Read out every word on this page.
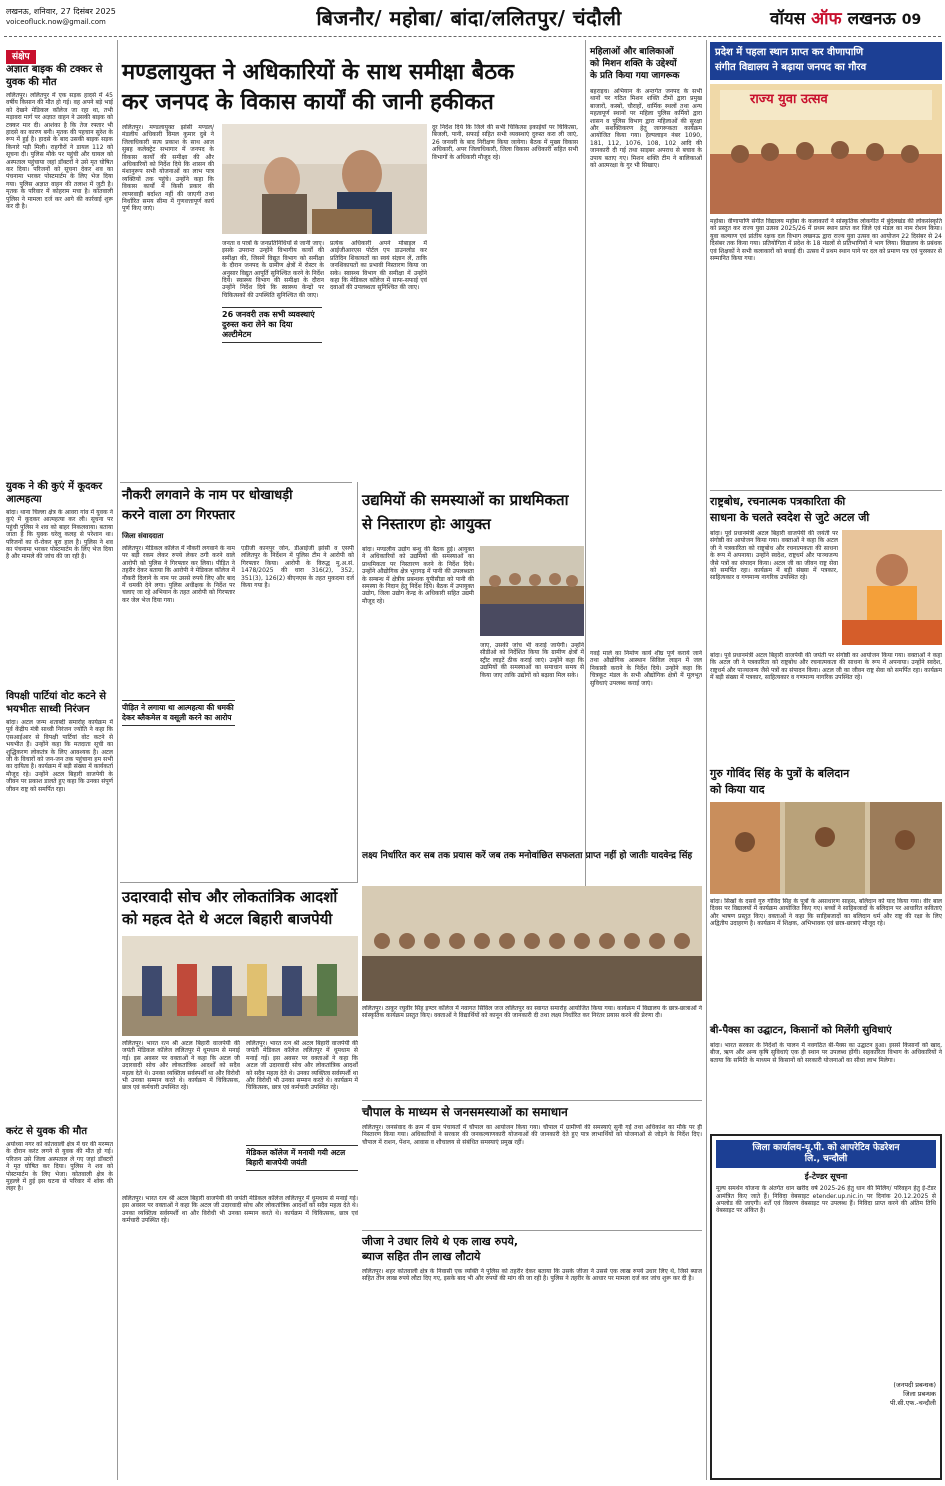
लखनऊ, शनिवार, 27 दिसंबर 2025
voiceofluck.now@gmail.com	बिजनौर/ महोबा/ बांदा/ललितपुर/ चंदौली	वॉयस ऑफ लखनऊ 09
संक्षेप
अज्ञात बाइक की टक्कर से युवक की मौत
ललितपुर। ललितपुर में एक सड़क हादसे में 45 वर्षीय किसान की मौत हो गई। वह अपने बड़े भाई को देखने मेडिकल कॉलेज जा रहा था, तभी मड़ावरा मार्ग पर अज्ञात वाहन ने उसकी बाइक को टक्कर मार दी। आशंका है कि तेज रफ्तार भी हादसे का कारण बनी। मृतक की पहचान सुरेश के रूप में हुई है। हादसे के बाद उसकी बाइक सड़क किनारे पड़ी मिली। राहगीरों ने डायल 112 को सूचना दी। पुलिस मौके पर पहुंची और घायल को अस्पताल पहुंचाया जहां डॉक्टरों ने उसे मृत घोषित कर दिया। परिजनों को सूचना देकर शव का पंचनामा भरकर पोस्टमार्टम के लिए भेज दिया गया। पुलिस अज्ञात वाहन की तलाश में जुटी है। मृतक के परिवार में कोहराम मचा है। कोतवाली पुलिस ने मामला दर्ज कर आगे की कार्रवाई शुरू कर दी है।
युवक ने की कुएं में कूदकर आत्महत्या
बांदा। थाना चिल्ला क्षेत्र के आवरा गांव में युवक ने कुएं में कूदकर आत्महत्या कर ली। सूचना पर पहुंची पुलिस ने शव को बाहर निकलवाया। बताया जाता है कि युवक घरेलू कलह से परेशान था। परिजनों का रो-रोकर बुरा हाल है। पुलिस ने शव का पंचनामा भरकर पोस्टमार्टम के लिए भेज दिया है और मामले की जांच की जा रही है।
विपक्षी पार्टियां वोट कटने से भयभीतः साध्वी निरंजन
बांदा। अटल जन्म शताब्दी समारोह कार्यक्रम में पूर्व केंद्रीय मंत्री साध्वी निरंजन ज्योति ने कहा कि एसआईआर से विपक्षी पार्टियां वोट कटने से भयभीत हैं। उन्होंने कहा कि मतदाता सूची का शुद्धिकरण लोकतंत्र के लिए आवश्यक है। अटल जी के विचारों को जन-जन तक पहुंचाना हम सभी का दायित्व है। कार्यक्रम में बड़ी संख्या में कार्यकर्ता मौजूद रहे। उन्होंने अटल बिहारी वाजपेयी के जीवन पर प्रकाश डालते हुए कहा कि उनका संपूर्ण जीवन राष्ट्र को समर्पित रहा।
करंट से युवक की मौत
अयोध्या नगर को कोतवाली क्षेत्र में घर की मरम्मत के दौरान करंट लगने से युवक की मौत हो गई। परिजन उसे जिला अस्पताल ले गए जहां डॉक्टरों ने मृत घोषित कर दिया। पुलिस ने शव को पोस्टमार्टम के लिए भेजा। कोतवाली क्षेत्र के मुहल्ले में हुई इस घटना से परिवार में शोक की लहर है।
मण्डलायुक्त ने अधिकारियों के साथ समीक्षा बैठक
कर जनपद के विकास कार्यों की जानी हकीकत
ललितपुर। मण्डलायुक्त झांसी मण्डल/मंडलीय अधिकारी विमल कुमार दुबे ने जिलाधिकारी सत्य प्रकाश के साथ आज सुबह कलेक्ट्रेट सभागार में जनपद के विकास कार्यों की समीक्षा की और अधिकारियों को निर्देश दिये कि शासन की मंशानुरूप सभी योजनाओं का लाभ पात्र व्यक्तियों तक पहुंचे। उन्होंने कहा कि विकास कार्यों में किसी प्रकार की लापरवाही बर्दाश्त नहीं की जाएगी तथा निर्धारित समय सीमा में गुणवत्तापूर्ण कार्य पूर्ण किए जाएं।
जनता व पात्रों के जनप्रतिनिधियों से जानी जाए। इसके उपरान्त उन्होंने विभागीय कार्यों की समीक्षा की, जिसमें विद्युत विभाग को समीक्षा के दौरान जनपद के ग्रामीण क्षेत्रों में रोस्टर के अनुसार विद्युत आपूर्ति सुनिश्चित करने के निर्देश दिये। स्वास्थ्य विभाग की समीक्षा के दौरान उन्होंने निर्देश दिये कि स्वास्थ्य केन्द्रों पर चिकित्सकों की उपस्थिति सुनिश्चित की जाए।
26 जनवरी तक सभी व्यवस्थाएं दुरुस्त करा लेने का दिया अल्टीमेटम
प्रत्येक अधिकारी अपने मोबाइल में आईजीआरएस पोर्टल एप डाउनलोड कर प्रतिदिन शिकायतों का स्वयं संज्ञान लें, ताकि जनशिकायतों का प्रभावी निस्तारण किया जा सके। स्वास्थ्य विभाग की समीक्षा में उन्होंने कहा कि मेडिकल कॉलेज में साफ-सफाई एवं दवाओं की उपलब्धता सुनिश्चित की जाए।
दूर निर्देश दिये कि जिले की सभी चिकित्सा इकाईयों पर चिकित्सा, बिजली, पानी, सफाई सहित सभी व्यवस्थाएं दुरुस्त करा ली जाएं, 26 जनवरी के बाद निरीक्षण किया जायेगा। बैठक में मुख्य विकास अधिकारी, अपर जिलाधिकारी, जिला विकास अधिकारी सहित सभी विभागों के अधिकारी मौजूद रहे।
नौकरी लगवाने के नाम पर धोखाधड़ी
करने वाला ठग गिरफ्तार
जिला संवाददाता
ललितपुर। मेडिकल कॉलेज में नौकरी लगवाने के नाम पर बड़ी रकम लेकर रुपये लेकर ठगी करने वाले आरोपी को पुलिस ने गिरफ्तार कर लिया। पीड़ित ने तहरीर देकर बताया कि आरोपी ने मेडिकल कॉलेज में नौकरी दिलाने के नाम पर उससे रुपये लिए और बाद में धमकी देने लगा। पुलिस अधीक्षक के निर्देश पर चलाए जा रहे अभियान के तहत आरोपी को गिरफ्तार कर जेल भेज दिया गया।
पीड़ित ने लगाया था आत्महत्या की धमकी देकर ब्लैकमेल व वसूली करने का आरोप
एडीजी कानपुर जोन, डीआईजी झांसी व एसपी ललितपुर के निर्देशन में पुलिस टीम ने आरोपी को गिरफ्तार किया। आरोपी के विरुद्ध मु.अ.सं. 1478/2025 की धारा 316(2), 352, 351(3), 126(2) बीएनएस के तहत मुकदमा दर्ज किया गया है।
उद्यमियों की समस्याओं का प्राथमिकता
से निस्तारण होः आयुक्त
बांदा। मण्डलीय उद्योग बन्धु की बैठक हुई। आयुक्त ने अधिकारियों को उद्यमियों की समस्याओं का प्राथमिकता पर निस्तारण करने के निर्देश दिये। उन्होंने औद्योगिक क्षेत्र भूरागढ़ में पानी की उपलब्धता के सम्बन्ध में क्षेत्रीय प्रबन्धक यूपीसीडा को पानी की समस्या के निदान हेतु निर्देश दिये। बैठक में उपायुक्त उद्योग, जिला उद्योग केन्द्र के अधिकारी सहित उद्यमी मौजूद रहे।
जाए, उसकी जांच भी कराई जायेगी। उन्होंने सीडीओ को निर्देशित किया कि ग्रामीण क्षेत्रों में स्ट्रीट लाइटें ठीक कराई जाएं। उन्होंने कहा कि उद्यमियों की समस्याओं का समाधान समय से किया जाए ताकि उद्योगों को बढ़ावा मिल सके।
गवई माले का निर्माण कार्य शीघ्र पूर्ण कराये जाने तथा औद्योगिक आस्थान सिविल लाइन में जल निकासी कराने के निर्देश दिये। उन्होंने कहा कि चित्रकूट मंडल के सभी औद्योगिक क्षेत्रों में मूलभूत सुविधाएं उपलब्ध कराई जाएं।
महिलाओं और बालिकाओं
को मिशन शक्ति के उद्देश्यों
के प्रति किया गया जागरूक
बहराइच। अभियान के अन्तर्गत जनपद के सभी थानों पर गठित मिशन शक्ति टीमों द्वारा प्रमुख बाजारों, कस्बों, चौराहों, धार्मिक स्थलों तथा अन्य महत्वपूर्ण स्थानों पर महिला पुलिस कर्मियों द्वारा शासन व पुलिस विभाग द्वारा महिलाओं की सुरक्षा और सशक्तिकरण हेतु जागरूकता कार्यक्रम आयोजित किया गया। हेल्पलाइन नंबर 1090, 181, 112, 1076, 108, 102 आदि की जानकारी दी गई तथा साइबर अपराध से बचाव के उपाय बताए गए। मिशन शक्ति टीम ने बालिकाओं को आत्मरक्षा के गुर भी सिखाए।
प्रदेश में पहला स्थान प्राप्त कर वीणापाणि
संगीत विद्यालय ने बढ़ाया जनपद का गौरव
राज्य युवा उत्सव
महोबा। वीणापाणि संगीत विद्यालय महोबा के कलाकारों ने सांस्कृतिक लोकगीत में बुंदेलखंड की लोकसंस्कृति को प्रस्तुत कर राज्य युवा उत्सव 2025/26 में प्रथम स्थान प्राप्त कर जिले एवं मंडल का नाम रोशन किया। युवा कल्याण एवं प्रांतीय रक्षक दल विभाग लखनऊ द्वारा राज्य युवा उत्सव का आयोजन 22 दिसंबर से 24 दिसंबर तक किया गया। प्रतियोगिता में प्रदेश के 18 मंडलों से प्रतिभागियों ने भाग लिया। विद्यालय के प्रबंधक एवं शिक्षकों ने सभी कलाकारों को बधाई दी। उत्सव में प्रथम स्थान पाने पर दल को प्रमाण पत्र एवं पुरस्कार से सम्मानित किया गया।
राष्ट्रबोध, रचनात्मक पत्रकारिता की
साधना के चलते स्वदेश से जुटे अटल जी
बांदा। पूर्व प्रधानमंत्री अटल बिहारी वाजपेयी की जयंती पर संगोष्ठी का आयोजन किया गया। वक्ताओं ने कहा कि अटल जी ने पत्रकारिता को राष्ट्रबोध और रचनात्मकता की साधना के रूप में अपनाया। उन्होंने स्वदेश, राष्ट्रधर्म और पाञ्चजन्य जैसे पत्रों का संपादन किया। अटल जी का जीवन राष्ट्र सेवा को समर्पित रहा। कार्यक्रम में बड़ी संख्या में पत्रकार, साहित्यकार व गणमान्य नागरिक उपस्थित रहे।
बांदा। पूर्व प्रधानमंत्री अटल बिहारी वाजपेयी की जयंती पर संगोष्ठी का आयोजन किया गया। वक्ताओं ने कहा कि अटल जी ने पत्रकारिता को राष्ट्रबोध और रचनात्मकता की साधना के रूप में अपनाया। उन्होंने स्वदेश, राष्ट्रधर्म और पाञ्चजन्य जैसे पत्रों का संपादन किया। अटल जी का जीवन राष्ट्र सेवा को समर्पित रहा। कार्यक्रम में बड़ी संख्या में पत्रकार, साहित्यकार व गणमान्य नागरिक उपस्थित रहे।
गुरु गोविंद सिंह के पुत्रों के बलिदान
को किया याद
बांदा। सिखों के दसवें गुरु गोविंद सिंह के पुत्रों के असाधारण साहस, बलिदान को याद किया गया। वीर बाल दिवस पर विद्यालयों में कार्यक्रम आयोजित किए गए। बच्चों ने साहिबजादों के बलिदान पर आधारित कविताएं और भाषण प्रस्तुत किए। वक्ताओं ने कहा कि साहिबजादों का बलिदान धर्म और राष्ट्र की रक्षा के लिए अद्वितीय उदाहरण है। कार्यक्रम में शिक्षक, अभिभावक एवं छात्र-छात्राएं मौजूद रहे।
बी-पैक्स का उद्घाटन, किसानों को मिलेंगी सुविधाएं
बांदा। भारत सरकार के निर्देशों के पालन में नवगठित बी-पैक्स का उद्घाटन हुआ। इससे किसानों को खाद, बीज, ऋण और अन्य कृषि सुविधाएं एक ही स्थान पर उपलब्ध होंगी। सहकारिता विभाग के अधिकारियों ने बताया कि समिति के माध्यम से किसानों को सरकारी योजनाओं का सीधा लाभ मिलेगा।
जिला कार्यालय-यू.पी. को आपरेटिव फेडरेशन
लि., चन्दौली
ई-टेण्डर सूचना
मूल्य समर्थन योजना के अंतर्गत धान खरीद वर्ष 2025-26 हेतु धान की मिलिंग/ परिवहन हेतु ई-टेंडर आमंत्रित किए जाते हैं। निविदा वेबसाइट etender.up.nic.in पर दिनांक 20.12.2025 से अपलोड की जाएगी। शर्तें एवं विवरण वेबसाइट पर उपलब्ध हैं। निविदा प्राप्त करने की अंतिम तिथि वेबसाइट पर अंकित है।
(जनपदी प्रबन्धक)
जिला प्रबन्धक
पी.सी.एफ.-चन्दौली
लक्ष्य निर्धारित कर सब तक प्रयास करें जब तक मनोवांछित सफलता प्राप्त नहीं हो जातीः यादवेन्द्र सिंह
उदारवादी सोच और लोकतांत्रिक आदर्शो
को महत्व देते थे अटल बिहारी बाजपेयी
ललितपुर। ठाकुर रघुवीर सिंह इण्टर कॉलेज में नवागत सिविल जज ललितपुर का स्वागत समारोह आयोजित किया गया। कार्यक्रम में विद्यालय के छात्र-छात्राओं ने सांस्कृतिक कार्यक्रम प्रस्तुत किए। वक्ताओं ने विद्यार्थियों को कानून की जानकारी दी तथा लक्ष्य निर्धारित कर निरंतर प्रयास करने की प्रेरणा दी।
ललितपुर। भारत रत्न श्री अटल बिहारी वाजपेयी की जयंती मेडिकल कॉलेज ललितपुर में धूमधाम से मनाई गई। इस अवसर पर वक्ताओं ने कहा कि अटल जी उदारवादी सोच और लोकतांत्रिक आदर्शों को सदैव महत्व देते थे। उनका व्यक्तित्व सर्वस्पर्शी था और विरोधी भी उनका सम्मान करते थे। कार्यक्रम में चिकित्सक, छात्र एवं कर्मचारी उपस्थित रहे।
मेडिकल कॉलेज में मनायी गयी अटल बिहारी बाजपेयी जयंती
ललितपुर। भारत रत्न श्री अटल बिहारी वाजपेयी की जयंती मेडिकल कॉलेज ललितपुर में धूमधाम से मनाई गई। इस अवसर पर वक्ताओं ने कहा कि अटल जी उदारवादी सोच और लोकतांत्रिक आदर्शों को सदैव महत्व देते थे। उनका व्यक्तित्व सर्वस्पर्शी था और विरोधी भी उनका सम्मान करते थे। कार्यक्रम में चिकित्सक, छात्र एवं कर्मचारी उपस्थित रहे।
ललितपुर। भारत रत्न श्री अटल बिहारी वाजपेयी की जयंती मेडिकल कॉलेज ललितपुर में धूमधाम से मनाई गई। इस अवसर पर वक्ताओं ने कहा कि अटल जी उदारवादी सोच और लोकतांत्रिक आदर्शों को सदैव महत्व देते थे। उनका व्यक्तित्व सर्वस्पर्शी था और विरोधी भी उनका सम्मान करते थे। कार्यक्रम में चिकित्सक, छात्र एवं कर्मचारी उपस्थित रहे।
चौपाल के माध्यम से जनसमस्याओं का समाधान
ललितपुर। जनसंवाद के क्रम में ग्राम पंचायतों में चौपाल का आयोजन किया गया। चौपाल में ग्रामीणों की समस्याएं सुनी गईं तथा अधिकांश का मौके पर ही निस्तारण किया गया। अधिकारियों ने सरकार की जनकल्याणकारी योजनाओं की जानकारी देते हुए पात्र लाभार्थियों को योजनाओं से जोड़ने के निर्देश दिए। चौपाल में राशन, पेंशन, आवास व शौचालय से संबंधित समस्याएं प्रमुख रहीं।
जीजा ने उधार लिये थे एक लाख रुपये,
ब्याज सहित तीन लाख लौटाये
ललितपुर। शहर कोतवाली क्षेत्र के निवासी एक व्यक्ति ने पुलिस को तहरीर देकर बताया कि उसके जीजा ने उससे एक लाख रुपये उधार लिए थे, जिसे ब्याज सहित तीन लाख रुपये लौटा दिए गए, इसके बाद भी और रुपयों की मांग की जा रही है। पुलिस ने तहरीर के आधार पर मामला दर्ज कर जांच शुरू कर दी है।
